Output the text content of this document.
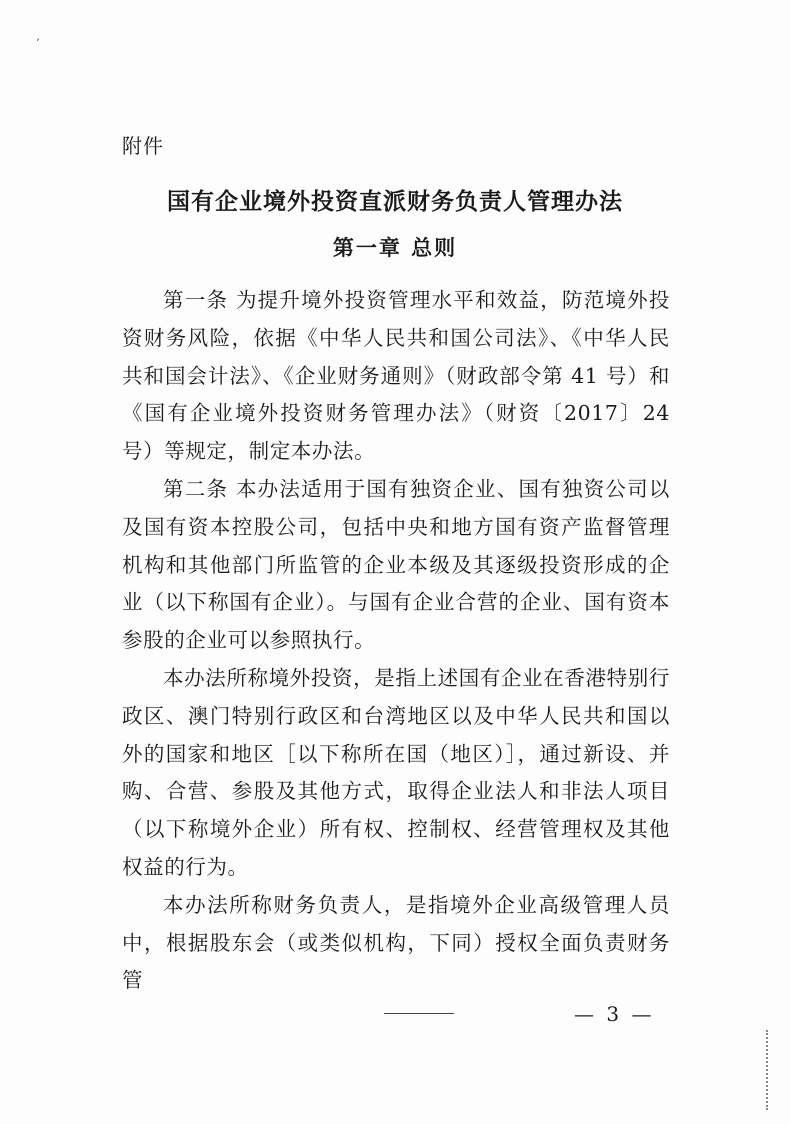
ʼ
附件
国有企业境外投资直派财务负责人管理办法
第一章 总则

第一条 为提升境外投资管理水平和效益，防范境外投资财务风险，依据《中华人民共和国公司法》、《中华人民共和国会计法》、《企业财务通则》（财政部令第 41 号）和《国有企业境外投资财务管理办法》（财资〔2017〕24 号）等规定，制定本办法。

第二条 本办法适用于国有独资企业、国有独资公司以及国有资本控股公司，包括中央和地方国有资产监督管理机构和其他部门所监管的企业本级及其逐级投资形成的企业（以下称国有企业）。与国有企业合营的企业、国有资本参股的企业可以参照执行。

本办法所称境外投资，是指上述国有企业在香港特别行政区、澳门特别行政区和台湾地区以及中华人民共和国以外的国家和地区［以下称所在国（地区）］，通过新设、并购、合营、参股及其他方式，取得企业法人和非法人项目（以下称境外企业）所有权、控制权、经营管理权及其他权益的行为。

本办法所称财务负责人，是指境外企业高级管理人员中，根据股东会（或类似机构，下同）授权全面负责财务管

— 3 —
